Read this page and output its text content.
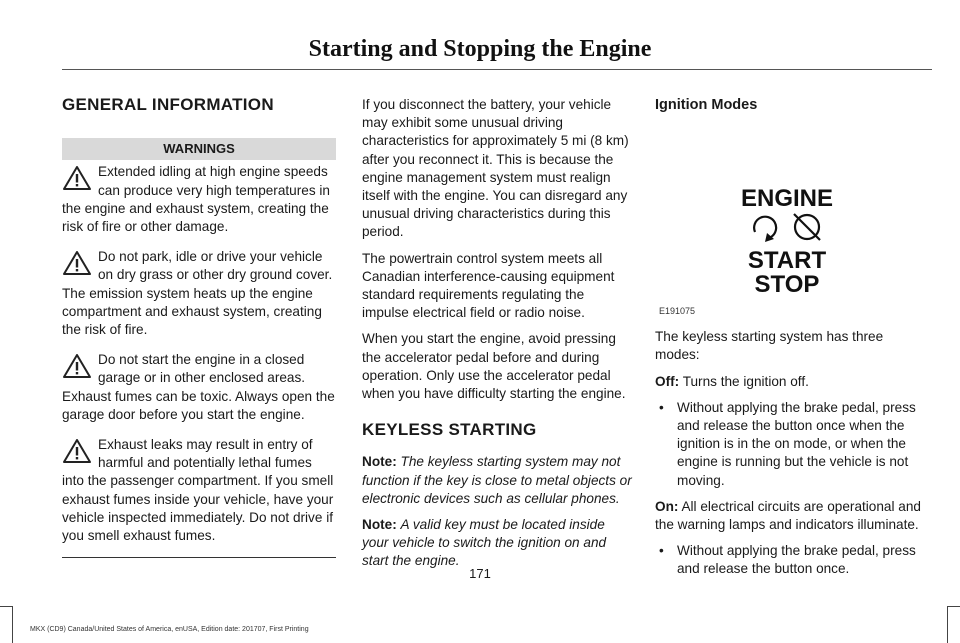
Starting and Stopping the Engine
GENERAL INFORMATION
WARNINGS
Extended idling at high engine speeds can produce very high temperatures in the engine and exhaust system, creating the risk of fire or other damage.
Do not park, idle or drive your vehicle on dry grass or other dry ground cover. The emission system heats up the engine compartment and exhaust system, creating the risk of fire.
Do not start the engine in a closed garage or in other enclosed areas. Exhaust fumes can be toxic. Always open the garage door before you start the engine.
Exhaust leaks may result in entry of harmful and potentially lethal fumes into the passenger compartment. If you smell exhaust fumes inside your vehicle, have your vehicle inspected immediately. Do not drive if you smell exhaust fumes.

If you disconnect the battery, your vehicle may exhibit some unusual driving characteristics for approximately 5 mi (8 km) after you reconnect it. This is because the engine management system must realign itself with the engine. You can disregard any unusual driving characteristics during this period.

The powertrain control system meets all Canadian interference-causing equipment standard requirements regulating the impulse electrical field or radio noise.

When you start the engine, avoid pressing the accelerator pedal before and during operation. Only use the accelerator pedal when you have difficulty starting the engine.

KEYLESS STARTING

Note: The keyless starting system may not function if the key is close to metal objects or electronic devices such as cellular phones.

Note: A valid key must be located inside your vehicle to switch the ignition on and start the engine.

Ignition Modes
ENGINE
START
STOP
E191075

The keyless starting system has three modes:

Off: Turns the ignition off.

• Without applying the brake pedal, press and release the button once when the ignition is in the on mode, or when the engine is running but the vehicle is not moving.

On: All electrical circuits are operational and the warning lamps and indicators illuminate.

• Without applying the brake pedal, press and release the button once.
171
MKX (CD9) Canada/United States of America, enUSA, Edition date: 201707, First Printing
